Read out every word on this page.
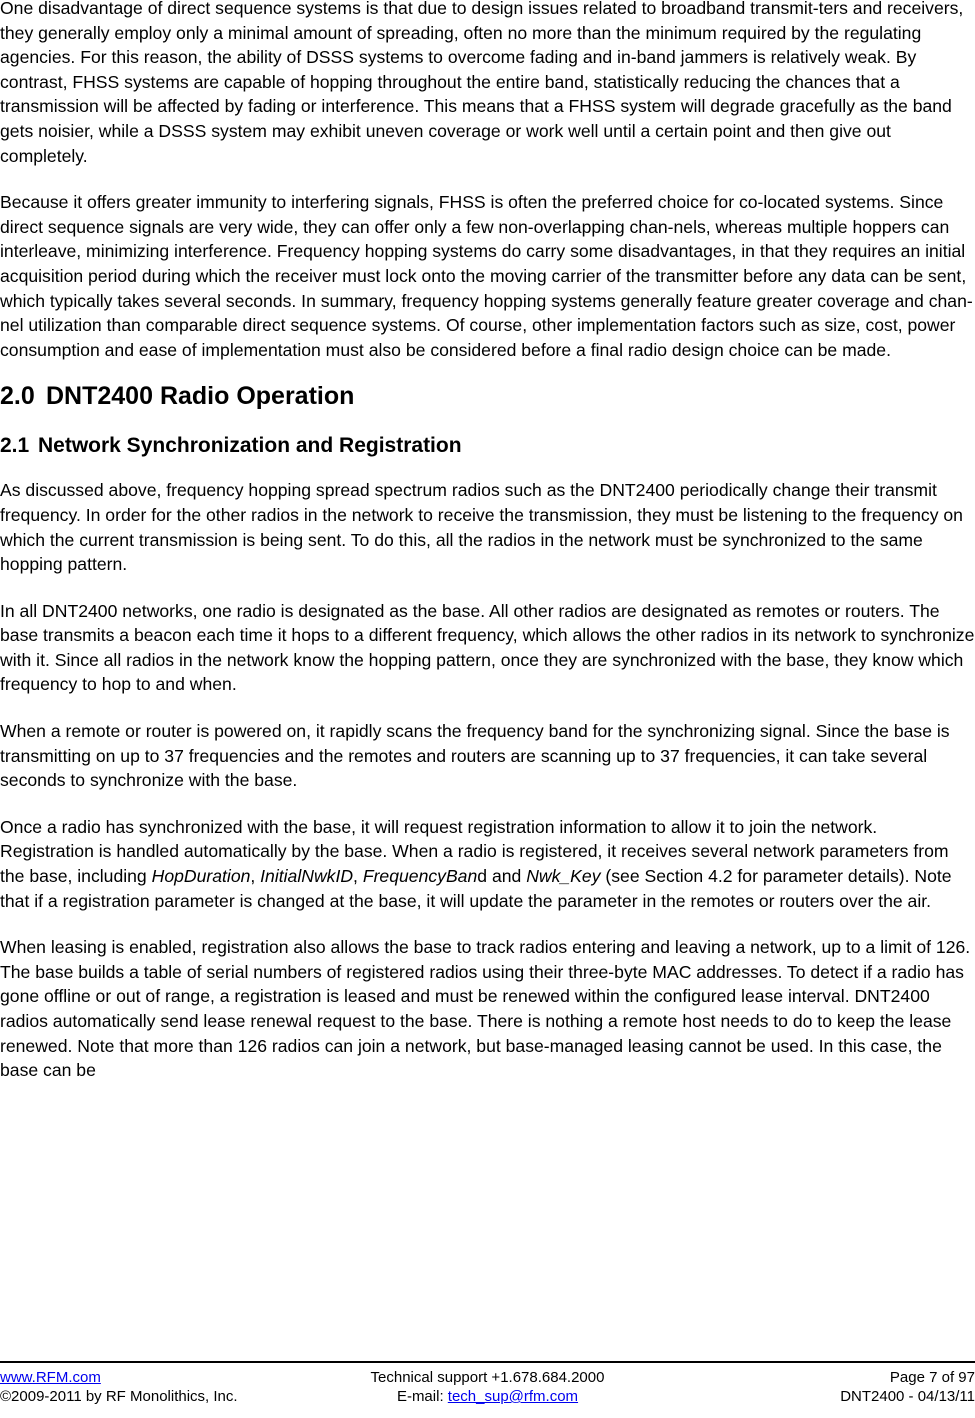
One disadvantage of direct sequence systems is that due to design issues related to broadband transmit-ters and receivers, they generally employ only a minimal amount of spreading, often no more than the minimum required by the regulating agencies. For this reason, the ability of DSSS systems to overcome fading and in-band jammers is relatively weak. By contrast, FHSS systems are capable of hopping throughout the entire band, statistically reducing the chances that a transmission will be affected by fading or interference. This means that a FHSS system will degrade gracefully as the band gets noisier, while a DSSS system may exhibit uneven coverage or work well until a certain point and then give out completely.

Because it offers greater immunity to interfering signals, FHSS is often the preferred choice for co-located systems. Since direct sequence signals are very wide, they can offer only a few non-overlapping chan-nels, whereas multiple hoppers can interleave, minimizing interference. Frequency hopping systems do carry some disadvantages, in that they requires an initial acquisition period during which the receiver must lock onto the moving carrier of the transmitter before any data can be sent, which typically takes several seconds. In summary, frequency hopping systems generally feature greater coverage and chan-nel utilization than comparable direct sequence systems. Of course, other implementation factors such as size, cost, power consumption and ease of implementation must also be considered before a final radio design choice can be made.

2.0 DNT2400 Radio Operation
2.1 Network Synchronization and Registration

As discussed above, frequency hopping spread spectrum radios such as the DNT2400 periodically change their transmit frequency. In order for the other radios in the network to receive the transmission, they must be listening to the frequency on which the current transmission is being sent. To do this, all the radios in the network must be synchronized to the same hopping pattern.

In all DNT2400 networks, one radio is designated as the base. All other radios are designated as remotes or routers. The base transmits a beacon each time it hops to a different frequency, which allows the other radios in its network to synchronize with it. Since all radios in the network know the hopping pattern, once they are synchronized with the base, they know which frequency to hop to and when.

When a remote or router is powered on, it rapidly scans the frequency band for the synchronizing signal. Since the base is transmitting on up to 37 frequencies and the remotes and routers are scanning up to 37 frequencies, it can take several seconds to synchronize with the base.

Once a radio has synchronized with the base, it will request registration information to allow it to join the network. Registration is handled automatically by the base. When a radio is registered, it receives several network parameters from the base, including HopDuration, InitialNwkID, FrequencyBand and Nwk_Key (see Section 4.2 for parameter details). Note that if a registration parameter is changed at the base, it will update the parameter in the remotes or routers over the air.

When leasing is enabled, registration also allows the base to track radios entering and leaving a network, up to a limit of 126. The base builds a table of serial numbers of registered radios using their three-byte MAC addresses. To detect if a radio has gone offline or out of range, a registration is leased and must be renewed within the configured lease interval. DNT2400 radios automatically send lease renewal request to the base. There is nothing a remote host needs to do to keep the lease renewed. Note that more than 126 radios can join a network, but base-managed leasing cannot be used. In this case, the base can be

www.RFM.com	Technical support +1.678.684.2000	Page 7 of 97
©2009-2011 by RF Monolithics, Inc.	E-mail: tech_sup@rfm.com	DNT2400 - 04/13/11
